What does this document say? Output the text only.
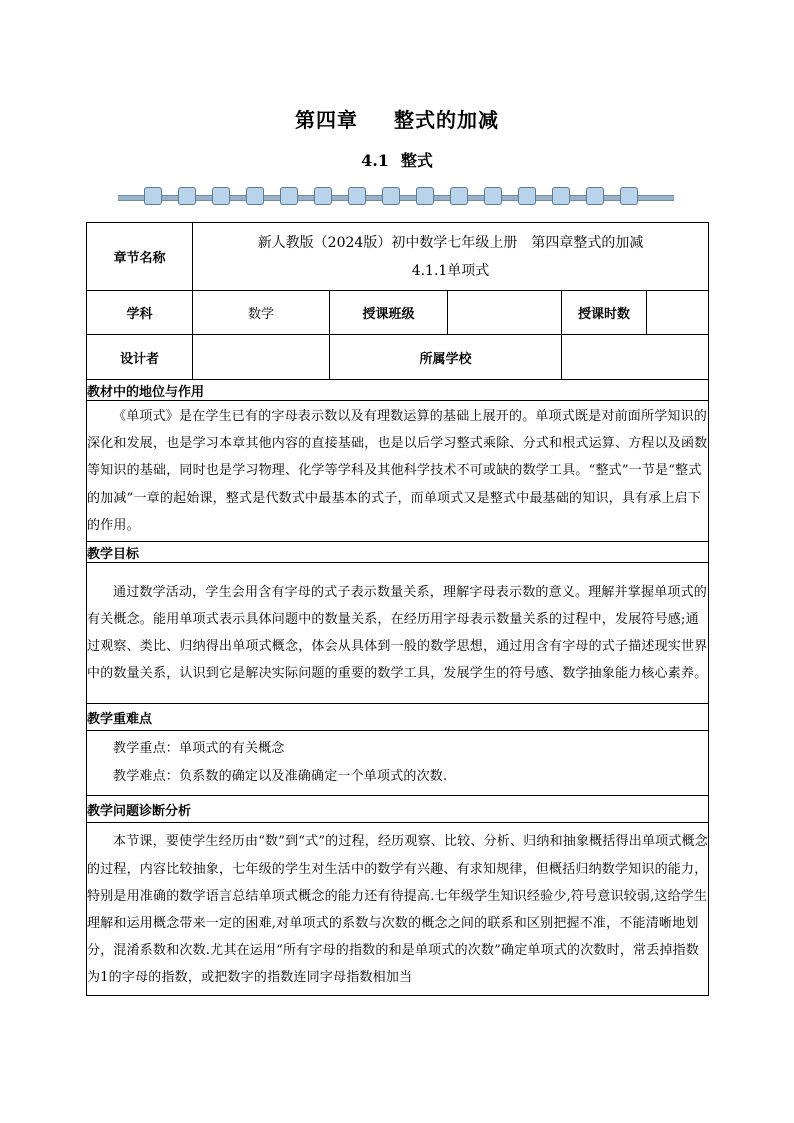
第四章 整式的加减
4.1 整式
章节名称	新人教版（2024版）初中数学七年级上册　第四章整式的加减
4.1.1单项式				

学科	数学	授课班级		授课时数	
设计者		所属学校			
教材中的地位与作用					

《单项式》是在学生已有的字母表示数以及有理数运算的基础上展开的。单项式既是对前面所学知识的深化和发展，也是学习本章其他内容的直接基础，也是以后学习整式乘除、分式和根式运算、方程以及函数等知识的基础，同时也是学习物理、化学等学科及其他科学技术不可或缺的数学工具。“整式”一节是“整式的加减”一章的起始课，整式是代数式中最基本的式子，而单项式又是整式中最基础的知识，具有承上启下的作用。					

教学目标					

通过数学活动，学生会用含有字母的式子表示数量关系，理解字母表示数的意义。理解并掌握单项式的有关概念。能用单项式表示具体问题中的数量关系，在经历用字母表示数量关系的过程中，发展符号感;通过观察、类比、归纳得出单项式概念，体会从具体到一般的数学思想，通过用含有字母的式子描述现实世界中的数量关系，认识到它是解决实际问题的重要的数学工具，发展学生的符号感、数学抽象能力核心素养。					

教学重难点					

教学重点：单项式的有关概念

教学难点：负系数的确定以及准确确定一个单项式的次数.					

教学问题诊断分析					

本节课，要使学生经历由“数”到“式”的过程，经历观察、比较、分析、归纳和抽象概括得出单项式概念的过程，内容比较抽象，七年级的学生对生活中的数学有兴趣、有求知规律，但概括归纳数学知识的能力，特别是用准确的数学语言总结单项式概念的能力还有待提高.七年级学生知识经验少,符号意识较弱,这给学生理解和运用概念带来一定的困难,对单项式的系数与次数的概念之间的联系和区别把握不准，不能清晰地划分，混淆系数和次数.尤其在运用“所有字母的指数的和是单项式的次数”确定单项式的次数时，常丢掉指数为1的字母的指数，或把数字的指数连同字母指数相加当					
